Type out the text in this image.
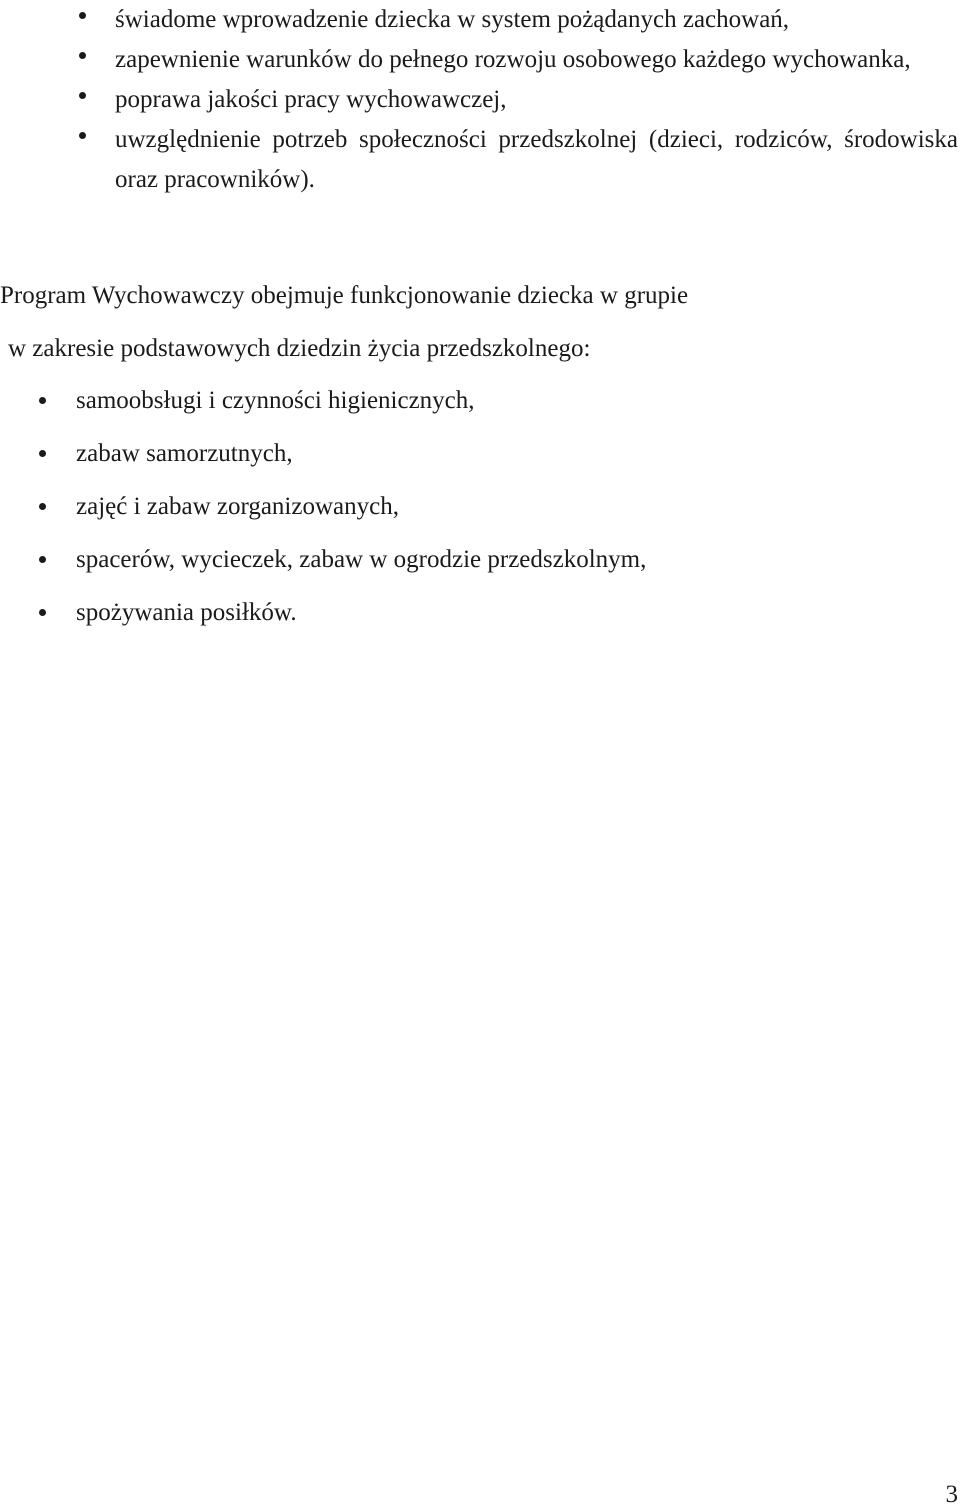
świadome wprowadzenie dziecka w system pożądanych zachowań,
zapewnienie warunków do pełnego rozwoju osobowego każdego wychowanka,
poprawa jakości pracy wychowawczej,
uwzględnienie potrzeb społeczności przedszkolnej (dzieci, rodziców, środowiska oraz pracowników).

Program Wychowawczy obejmuje funkcjonowanie dziecka w grupie

w zakresie podstawowych dziedzin życia przedszkolnego:

samoobsługi i czynności higienicznych,
zabaw samorzutnych,
zajęć i zabaw zorganizowanych,
spacerów, wycieczek, zabaw w ogrodzie przedszkolnym,
spożywania posiłków.
3
